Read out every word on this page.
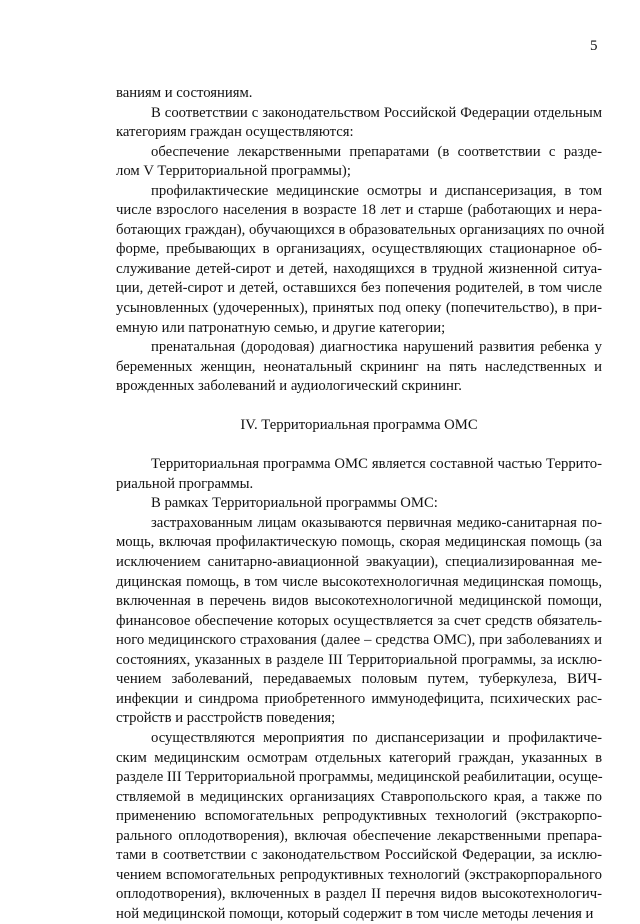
5

ваниям и состояниям.

В соответствии с законодательством Российской Федерации отдельным
категориям граждан осуществляются:

обеспечение лекарственными препаратами (в соответствии с разде-
лом V Территориальной программы);

профилактические медицинские осмотры и диспансеризация, в том
числе взрослого населения в возрасте 18 лет и старше (работающих и нера-
ботающих граждан), обучающихся в образовательных организациях по очной
форме, пребывающих в организациях, осуществляющих стационарное об-
служивание детей-сирот и детей, находящихся в трудной жизненной ситуа-
ции, детей-сирот и детей, оставшихся без попечения родителей, в том числе
усыновленных (удочеренных), принятых под опеку (попечительство), в при-
емную или патронатную семью, и другие категории;

пренатальная (дородовая) диагностика нарушений развития ребенка у
беременных женщин, неонатальный скрининг на пять наследственных и
врожденных заболеваний и аудиологический скрининг.

IV. Территориальная программа ОМС

Территориальная программа ОМС является составной частью Террито-
риальной программы.

В рамках Территориальной программы ОМС:

застрахованным лицам оказываются первичная медико-санитарная по-
мощь, включая профилактическую помощь, скорая медицинская помощь (за
исключением санитарно-авиационной эвакуации), специализированная ме-
дицинская помощь, в том числе высокотехнологичная медицинская помощь,
включенная в перечень видов высокотехнологичной медицинской помощи,
финансовое обеспечение которых осуществляется за счет средств обязатель-
ного медицинского страхования (далее – средства ОМС), при заболеваниях и
состояниях, указанных в разделе III Территориальной программы, за исклю-
чением заболеваний, передаваемых половым путем, туберкулеза, ВИЧ-
инфекции и синдрома приобретенного иммунодефицита, психических рас-
стройств и расстройств поведения;

осуществляются мероприятия по диспансеризации и профилактиче-
ским медицинским осмотрам отдельных категорий граждан, указанных в
разделе III Территориальной программы, медицинской реабилитации, осуще-
ствляемой в медицинских организациях Ставропольского края, а также по
применению вспомогательных репродуктивных технологий (экстракорпо-
рального оплодотворения), включая обеспечение лекарственными препара-
тами в соответствии с законодательством Российской Федерации, за исклю-
чением вспомогательных репродуктивных технологий (экстракорпорального
оплодотворения), включенных в раздел II перечня видов высокотехнологич-
ной медицинской помощи, который содержит в том числе методы лечения и
